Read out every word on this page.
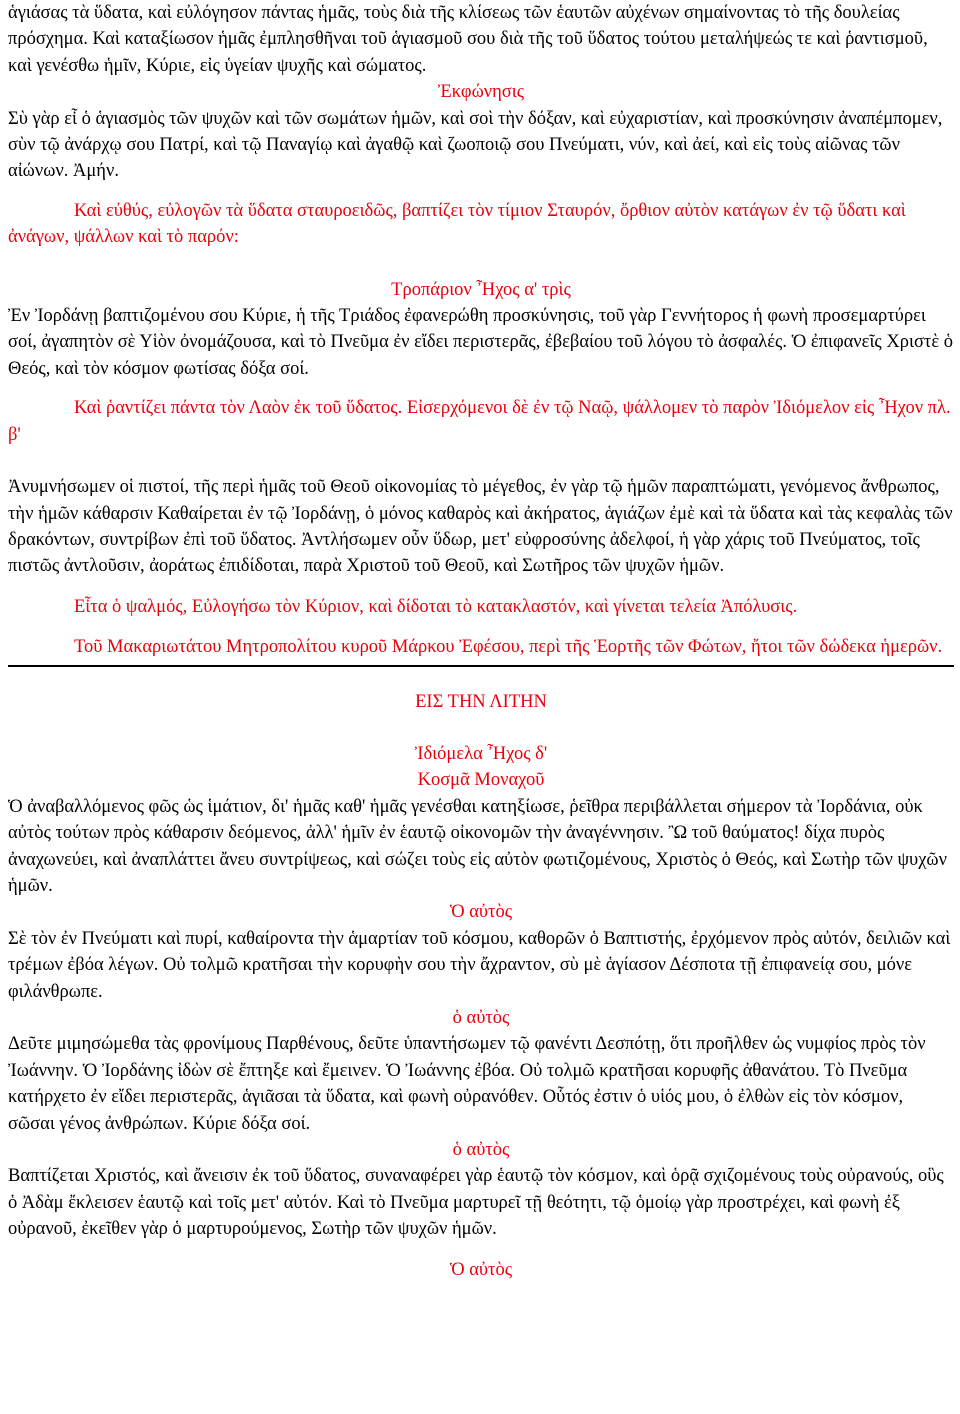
ἁγιάσας τὰ ὕδατα, καὶ εὐλόγησον πάντας ἡμᾶς, τοὺς διὰ τῆς κλίσεως τῶν ἑαυτῶν αὐχένων σημαίνοντας τὸ τῆς δουλείας πρόσχημα. Καὶ καταξίωσον ἡμᾶς ἐμπλησθῆναι τοῦ ἁγιασμοῦ σου διὰ τῆς τοῦ ὕδατος τούτου μεταλήψεώς τε καὶ ῥαντισμοῦ, καὶ γενέσθω ἡμῖν, Κύριε, εἰς ὑγείαν ψυχῆς καὶ σώματος.

Ἐκφώνησις

Σὺ γὰρ εἶ ὁ ἁγιασμὸς τῶν ψυχῶν καὶ τῶν σωμάτων ἡμῶν, καὶ σοὶ τὴν δόξαν, καὶ εὐχαριστίαν, καὶ προσκύνησιν ἀναπέμπομεν, σὺν τῷ ἀνάρχῳ σου Πατρί, καὶ τῷ Παναγίῳ καὶ ἀγαθῷ καὶ ζωοποιῷ σου Πνεύματι, νύν, καὶ ἀεί, καὶ εἰς τοὺς αἰῶνας τῶν αἰώνων. Ἀμήν.

Καὶ εὐθύς, εὐλογῶν τὰ ὕδατα σταυροειδῶς, βαπτίζει τὸν τίμιον Σταυρόν, ὄρθιον αὐτὸν κατάγων ἐν τῷ ὕδατι καὶ ἀνάγων, ψάλλων καὶ τὸ παρόν:

Τροπάριον Ἦχος α' τρὶς

Ἐν Ἰορδάνῃ βαπτιζομένου σου Κύριε, ἡ τῆς Τριάδος ἐφανερώθη προσκύνησις, τοῦ γὰρ Γεννήτορος ἡ φωνὴ προσεμαρτύρει σοί, ἀγαπητὸν σὲ Υἱὸν ὀνομάζουσα, καὶ τὸ Πνεῦμα ἐν εἴδει περιστερᾶς, ἐβεβαίου τοῦ λόγου τὸ ἀσφαλές. Ὁ ἐπιφανεῖς Χριστὲ ὁ Θεός, καὶ τὸν κόσμον φωτίσας δόξα σοί.

Καὶ ῥαντίζει πάντα τὸν Λαὸν ἐκ τοῦ ὕδατος. Εἰσερχόμενοι δὲ ἐν τῷ Ναῷ, ψάλλομεν τὸ παρὸν Ἰδιόμελον εἰς Ἦχον πλ. β'

Ἀνυμνήσωμεν οἱ πιστοί, τῆς περὶ ἡμᾶς τοῦ Θεοῦ οἰκονομίας τὸ μέγεθος, ἐν γὰρ τῷ ἡμῶν παραπτώματι, γενόμενος ἄνθρωπος, τὴν ἡμῶν κάθαρσιν Καθαίρεται ἐν τῷ Ἰορδάνῃ, ὁ μόνος καθαρὸς καὶ ἀκήρατος, ἁγιάζων ἐμὲ καὶ τὰ ὕδατα καὶ τὰς κεφαλὰς τῶν δρακόντων, συντρίβων ἐπὶ τοῦ ὕδατος. Ἀντλήσωμεν οὖν ὕδωρ, μετ' εὐφροσύνης ἀδελφοί, ἡ γὰρ χάρις τοῦ Πνεύματος, τοῖς πιστῶς ἀντλοῦσιν, ἀοράτως ἐπιδίδοται, παρὰ Χριστοῦ τοῦ Θεοῦ, καὶ Σωτῆρος τῶν ψυχῶν ἡμῶν.

Εἶτα ὁ ψαλμός, Εὐλογήσω τὸν Κύριον, καὶ δίδοται τὸ κατακλαστόν, καὶ γίνεται τελεία Ἀπόλυσις.

Τοῦ Μακαριωτάτου Μητροπολίτου κυροῦ Μάρκου Ἐφέσου, περὶ τῆς Ἑορτῆς τῶν Φώτων, ἤτοι τῶν δώδεκα ἡμερῶν.

ΕΙΣ ΤΗΝ ΛΙΤΗΝ

Ἰδιόμελα Ἦχος δ'

Κοσμᾶ Μοναχοῦ

Ὁ ἀναβαλλόμενος φῶς ὡς ἱμάτιον, δι' ἡμᾶς καθ' ἡμᾶς γενέσθαι κατηξίωσε, ῥεῖθρα περιβάλλεται σήμερον τὰ Ἰορδάνια, οὐκ αὐτὸς τούτων πρὸς κάθαρσιν δεόμενος, ἀλλ' ἡμῖν ἐν ἑαυτῷ οἰκονομῶν τὴν ἀναγέννησιν. Ὢ τοῦ θαύματος! δίχα πυρὸς ἀναχωνεύει, καὶ ἀναπλάττει ἄνευ συντρίψεως, καὶ σώζει τοὺς εἰς αὐτὸν φωτιζομένους, Χριστὸς ὁ Θεός, καὶ Σωτὴρ τῶν ψυχῶν ἡμῶν.

Ὁ αὐτὸς

Σὲ τὸν ἐν Πνεύματι καὶ πυρί, καθαίροντα τὴν ἁμαρτίαν τοῦ κόσμου, καθορῶν ὁ Βαπτιστής, ἐρχόμενον πρὸς αὐτόν, δειλιῶν καὶ τρέμων ἐβόα λέγων. Οὐ τολμῶ κρατῆσαι τὴν κορυφὴν σου τὴν ἄχραντον, σὺ μὲ ἁγίασον Δέσποτα τῇ ἐπιφανείᾳ σου, μόνε φιλάνθρωπε.

ὁ αὐτὸς

Δεῦτε μιμησώμεθα τὰς φρονίμους Παρθένους, δεῦτε ὑπαντήσωμεν τῷ φανέντι Δεσπότῃ, ὅτι προῆλθεν ὡς νυμφίος πρὸς τὸν Ἰωάννην. Ὁ Ἰορδάνης ἰδὼν σὲ ἔπτηξε καὶ ἔμεινεν. Ὁ Ἰωάννης ἐβόα. Οὐ τολμῶ κρατῆσαι κορυφῆς ἀθανάτου. Τὸ Πνεῦμα κατήρχετο ἐν εἴδει περιστερᾶς, ἁγιᾶσαι τὰ ὕδατα, καὶ φωνὴ οὐρανόθεν. Οὗτός ἐστιν ὁ υἱός μου, ὁ ἐλθὼν εἰς τὸν κόσμον, σῶσαι γένος ἀνθρώπων. Κύριε δόξα σοί.

ὁ αὐτὸς

Βαπτίζεται Χριστός, καὶ ἄνεισιν ἐκ τοῦ ὕδατος, συναναφέρει γὰρ ἑαυτῷ τὸν κόσμον, καὶ ὁρᾷ σχιζομένους τοὺς οὐρανούς, οὓς ὁ Ἀδὰμ ἔκλεισεν ἑαυτῷ καὶ τοῖς μετ' αὐτόν. Καὶ τὸ Πνεῦμα μαρτυρεῖ τῇ θεότητι, τῷ ὁμοίῳ γὰρ προστρέχει, καὶ φωνὴ ἐξ οὐρανοῦ, ἐκεῖθεν γὰρ ὁ μαρτυρούμενος, Σωτὴρ τῶν ψυχῶν ἡμῶν.

Ὁ αὐτὸς
